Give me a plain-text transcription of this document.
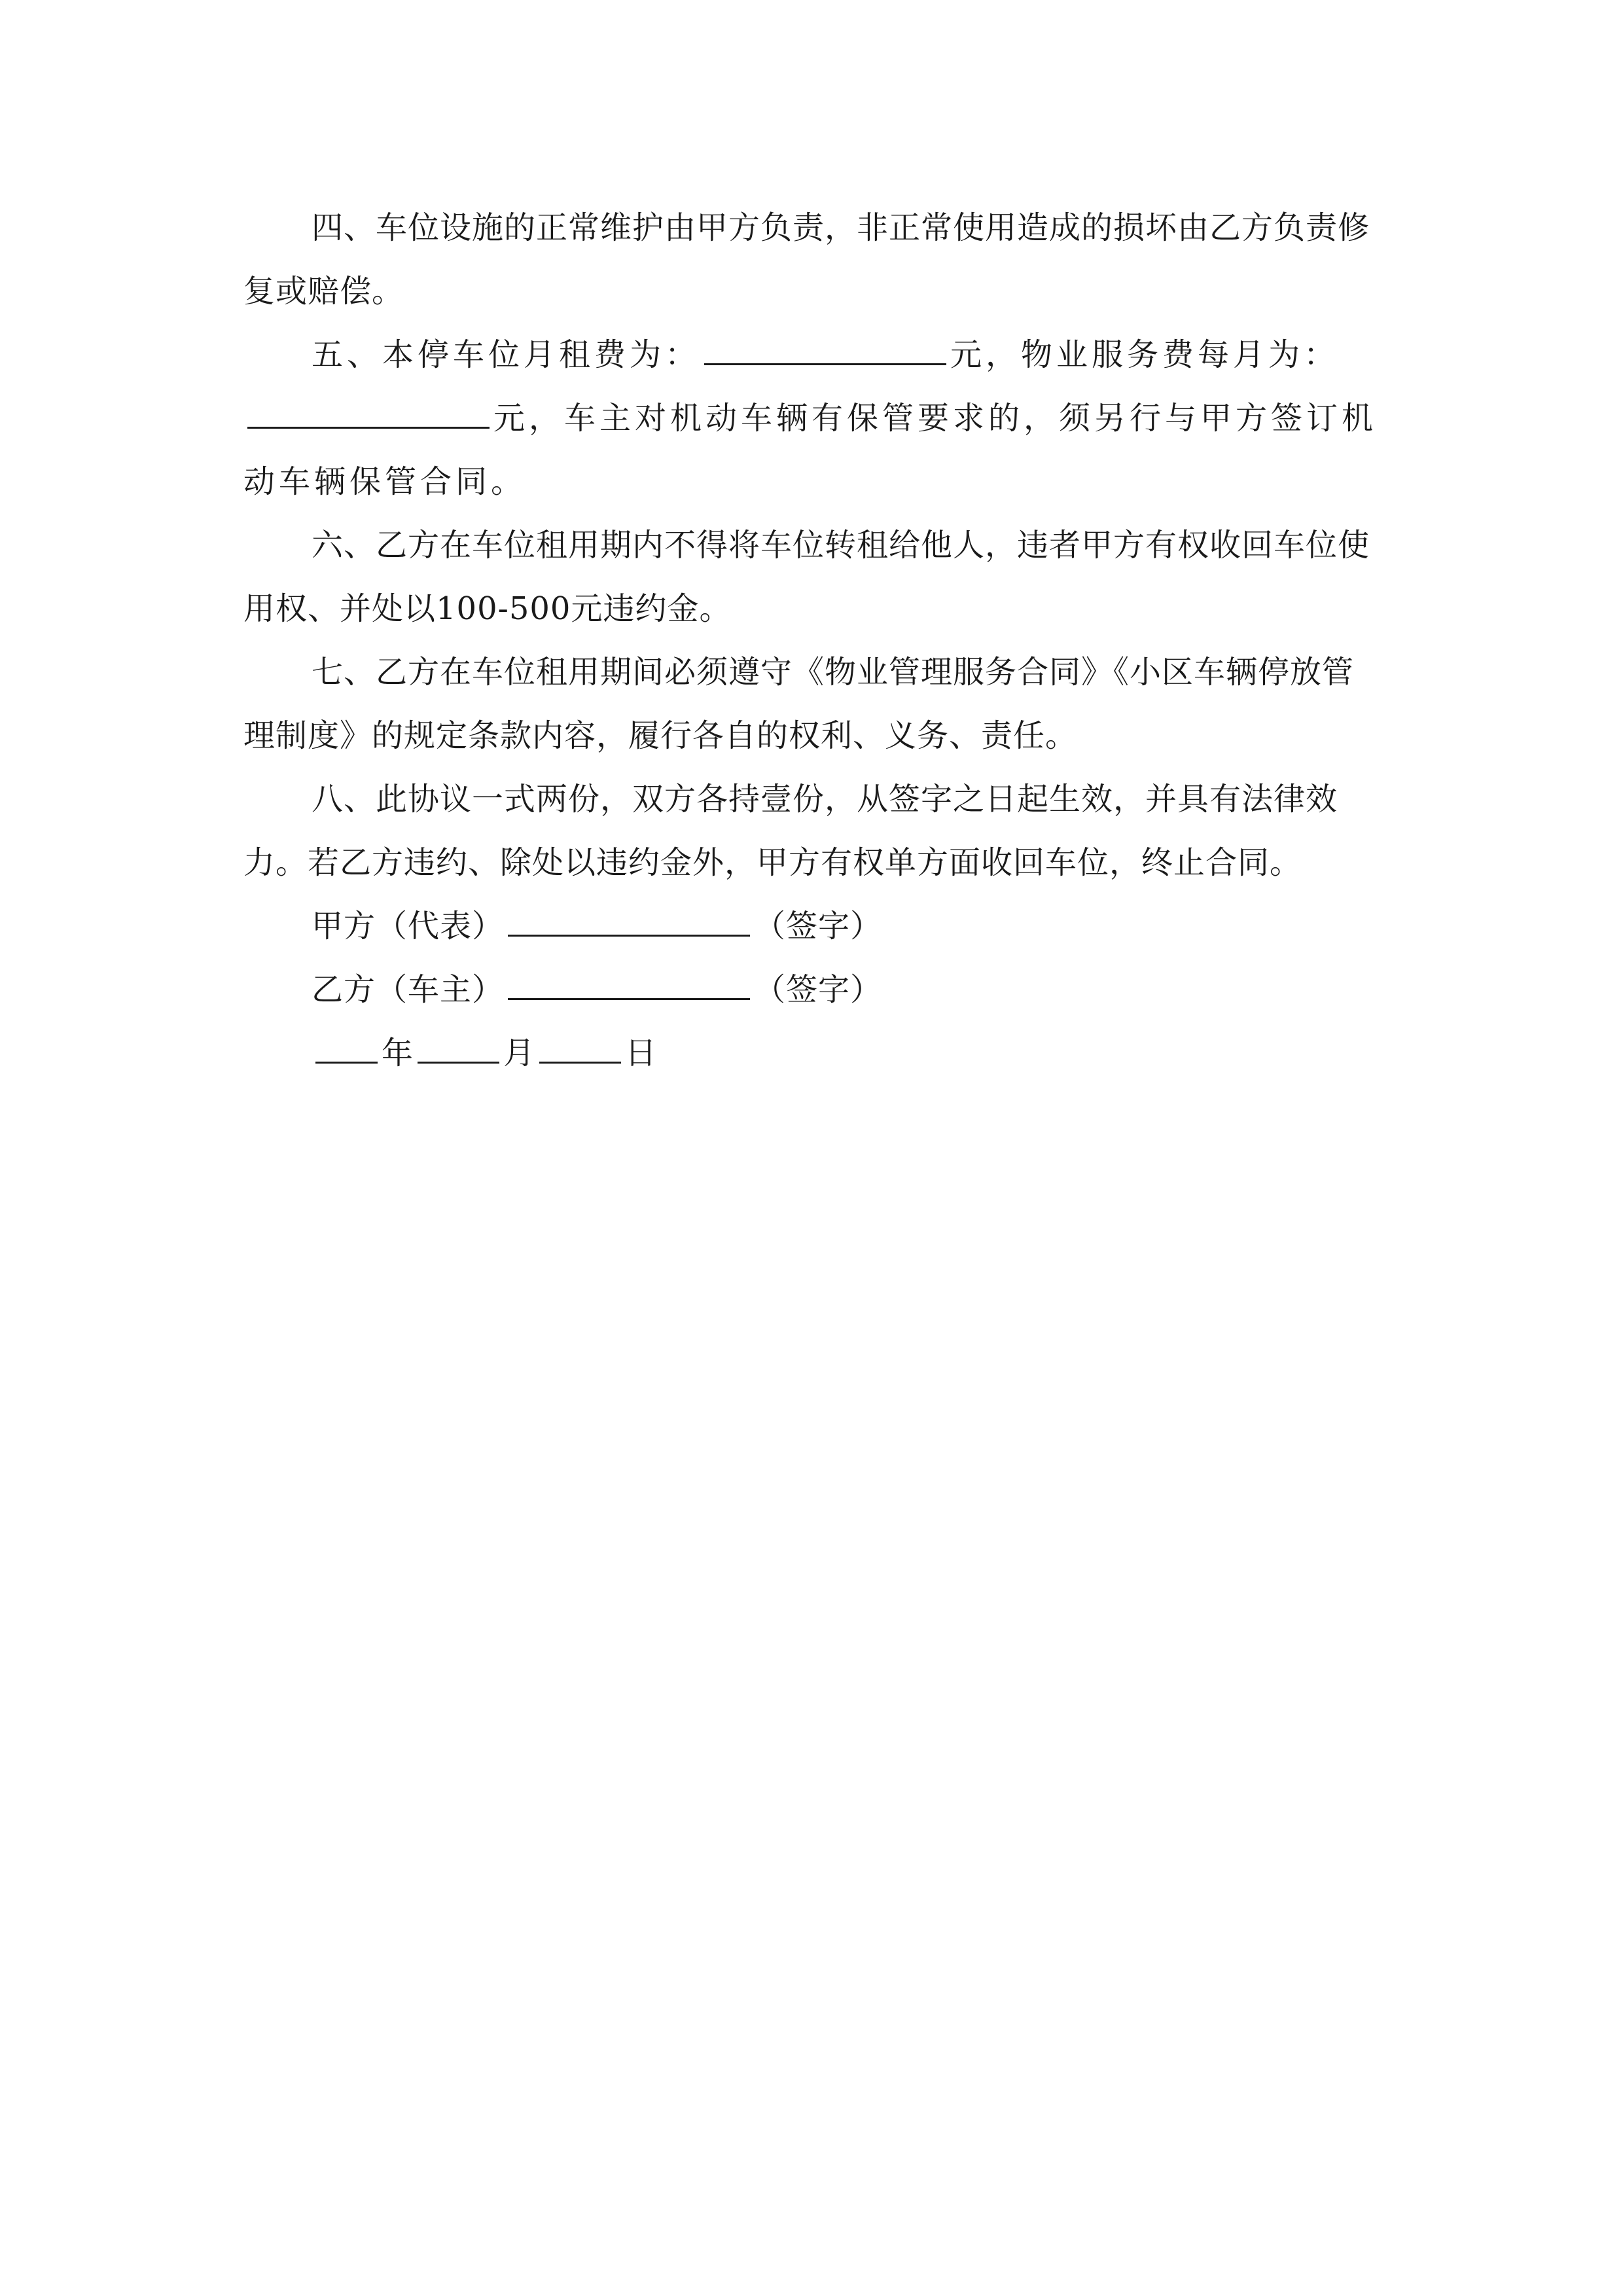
四、车位设施的正常维护由甲方负责，非正常使用造成的损坏由乙方负责修复或赔偿。

五、本停车位月租费为：	元，物业服务费每月为：元，车主对机动车辆有保管要求的，须另行与甲方签订机动车辆保管合同。

六、乙方在车位租用期内不得将车位转租给他人，违者甲方有权收回车位使用权、并处以100-500元违约金。

七、乙方在车位租用期间必须遵守《物业管理服务合同》《小区车辆停放管理制度》的规定条款内容，履行各自的权利、义务、责任。

八、此协议一式两份，双方各持壹份，从签字之日起生效，并具有法律效力。若乙方违约、除处以违约金外，甲方有权单方面收回车位，终止合同。

甲方（代表）	（签字）

乙方（车主）	（签字）

年	月	日
